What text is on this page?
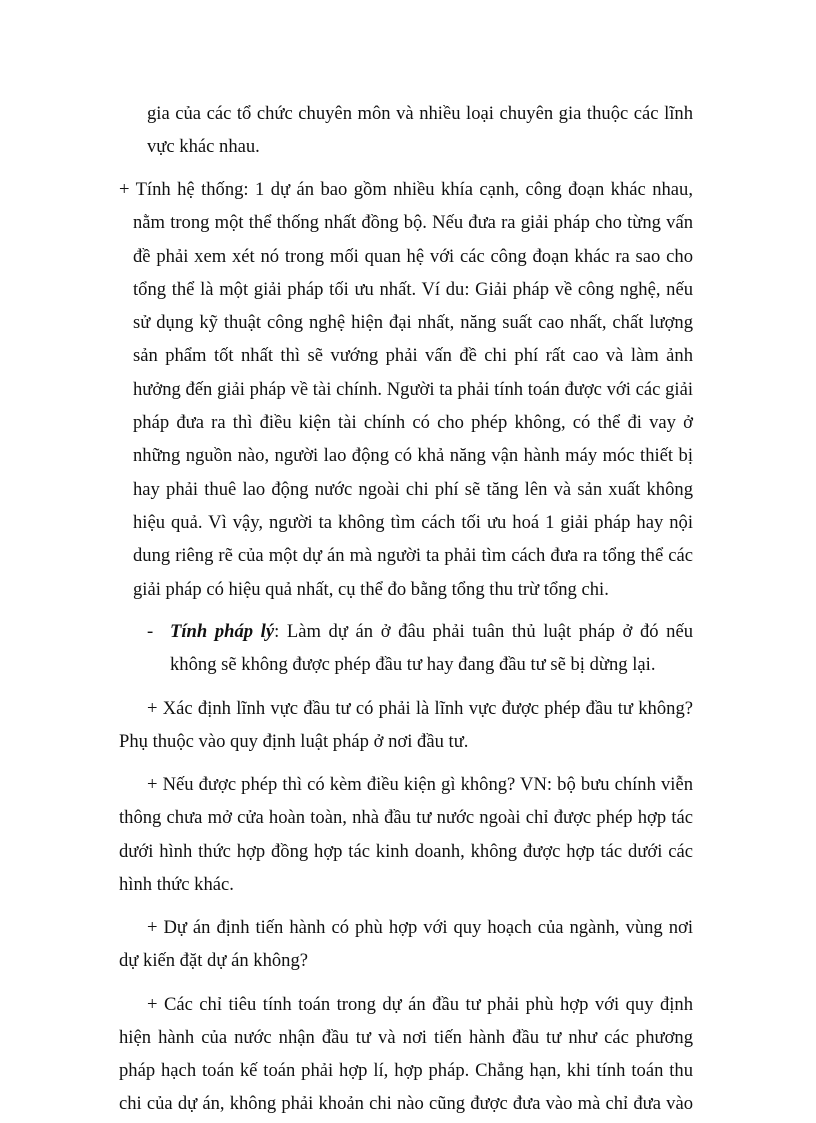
gia của các tổ chức chuyên môn và nhiều loại chuyên gia thuộc các lĩnh
vực khác nhau.
+ Tính hệ thống: 1 dự án bao gồm nhiều khía cạnh, công đoạn khác nhau,
nằm trong một thể thống nhất đồng bộ. Nếu đưa ra giải pháp cho từng vấn
đề phải xem xét nó trong mối quan hệ với các công đoạn khác ra sao cho
tổng thể là một giải pháp tối ưu nhất. Ví du: Giải pháp về công nghệ, nếu
sử dụng kỹ thuật công nghệ hiện đại nhất, năng suất cao nhất, chất lượng
sản phẩm tốt nhất thì sẽ vướng phải vấn đề chi phí rất cao và làm ảnh
hưởng đến giải pháp về tài chính. Người ta phải tính toán được với các giải
pháp đưa ra thì điều kiện tài chính có cho phép không, có thể đi vay ở
những nguồn nào, người lao động có khả năng vận hành máy móc thiết bị
hay phải thuê lao động nước ngoài chi phí sẽ tăng lên và sản xuất không
hiệu quả. Vì vậy, người ta không tìm cách tối ưu hoá 1 giải pháp hay nội
dung riêng rẽ của một dự án mà người ta phải tìm cách đưa ra tổng thể các
giải pháp có hiệu quả nhất, cụ thể đo bằng tổng thu trừ tổng chi.
- Tính pháp lý: Làm dự án ở đâu phải tuân thủ luật pháp ở đó nếu
không sẽ không được phép đầu tư hay đang đầu tư sẽ bị dừng lại.
+ Xác định lĩnh vực đầu tư có phải là lĩnh vực được phép đầu tư không?
Phụ thuộc vào quy định luật pháp ở nơi đầu tư.
+ Nếu được phép thì có kèm điều kiện gì không? VN: bộ bưu chính viễn
thông chưa mở cửa hoàn toàn, nhà đầu tư nước ngoài chỉ được phép hợp tác
dưới hình thức hợp đồng hợp tác kinh doanh, không được hợp tác dưới các
hình thức khác.
+ Dự án định tiến hành có phù hợp với quy hoạch của ngành, vùng nơi
dự kiến đặt dự án không?
+ Các chỉ tiêu tính toán trong dự án đầu tư phải phù hợp với quy định
hiện hành của nước nhận đầu tư và nơi tiến hành đầu tư như các phương
pháp hạch toán kế toán phải hợp lí, hợp pháp. Chẳng hạn, khi tính toán thu
chi của dự án, không phải khoản chi nào cũng được đưa vào mà chỉ đưa vào
